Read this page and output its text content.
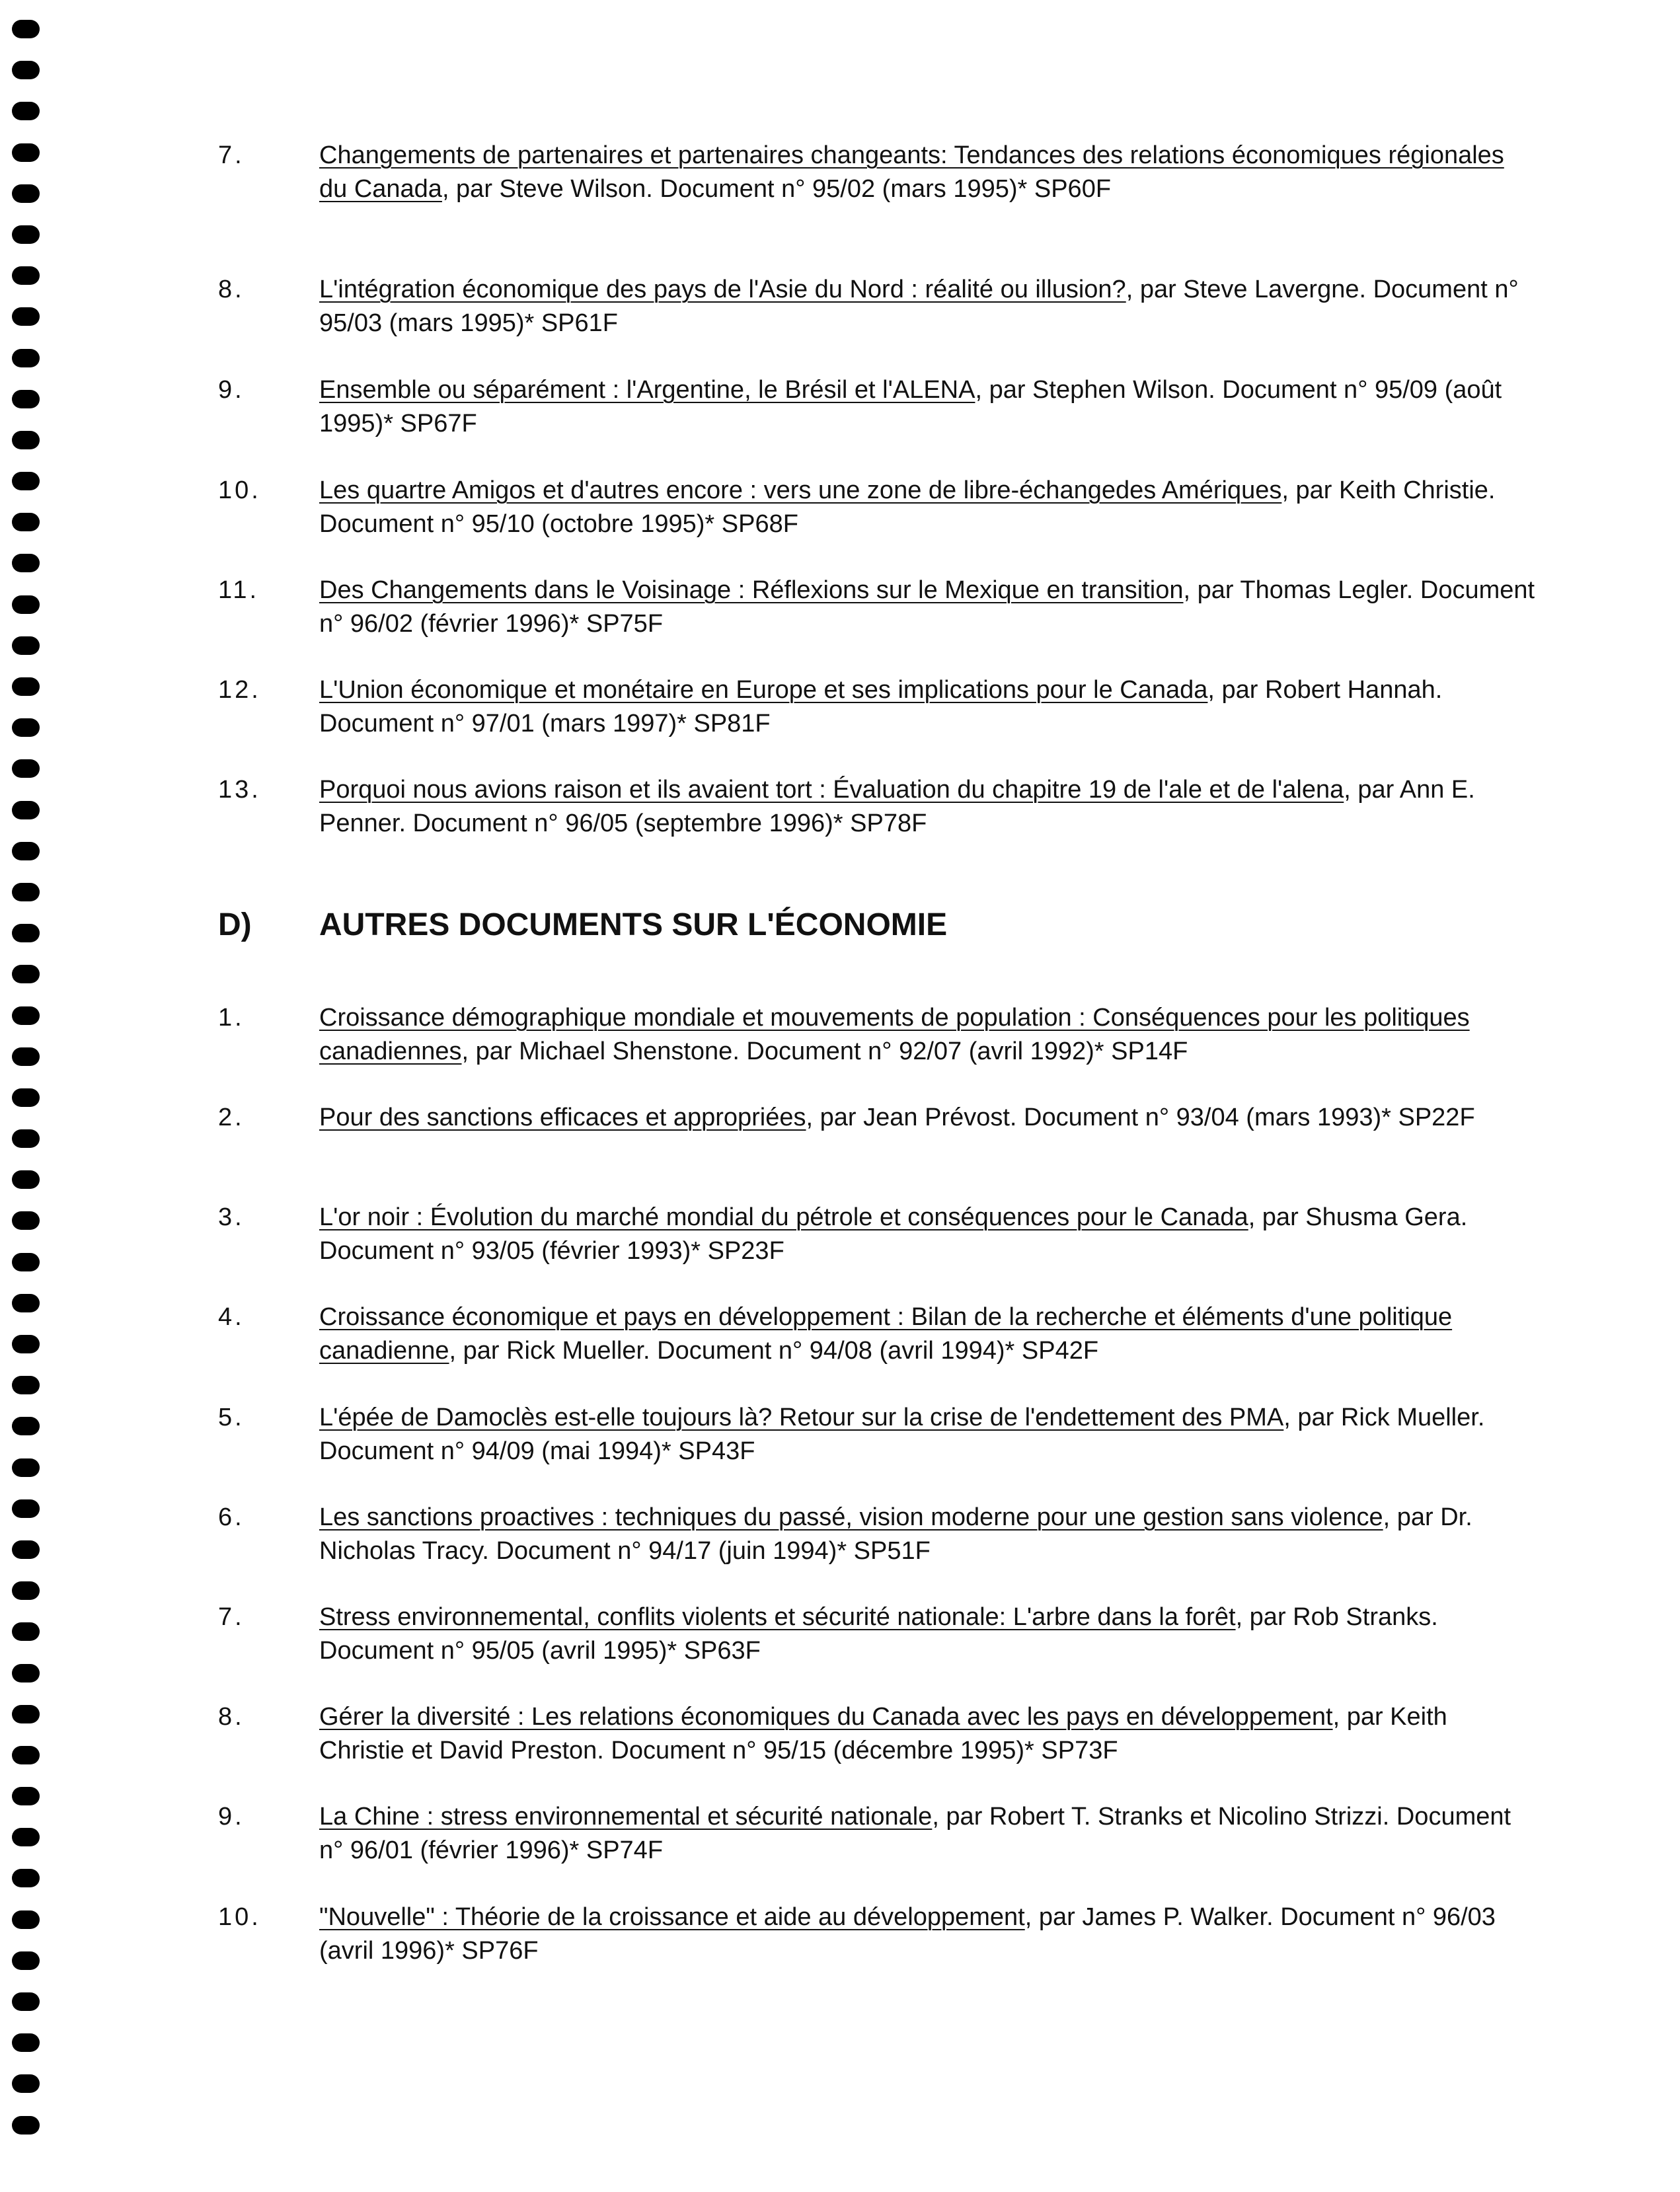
7.	Changements de partenaires et partenaires changeants: Tendances des relations économiques régionales du Canada, par Steve Wilson. Document n° 95/02 (mars 1995)* SP60F
8.	L'intégration économique des pays de l'Asie du Nord : réalité ou illusion?, par Steve Lavergne. Document n° 95/03 (mars 1995)* SP61F
9.	Ensemble ou séparément : l'Argentine, le Brésil et l'ALENA, par Stephen Wilson. Document n° 95/09 (août 1995)* SP67F
10. Les quartre Amigos et d'autres encore : vers une zone de libre-échangedes Amériques, par Keith Christie. Document n° 95/10 (octobre 1995)* SP68F
11. Des Changements dans le Voisinage : Réflexions sur le Mexique en transition, par Thomas Legler. Document n° 96/02 (février 1996)* SP75F
12. L'Union économique et monétaire en Europe et ses implications pour le Canada, par Robert Hannah. Document n° 97/01 (mars 1997)* SP81F
13. Porquoi nous avions raison et ils avaient tort : Évaluation du chapitre 19 de l'ale et de l'alena, par Ann E. Penner. Document n° 96/05 (septembre 1996)* SP78F
D) AUTRES DOCUMENTS SUR L'ÉCONOMIE
1.	Croissance démographique mondiale et mouvements de population : Conséquences pour les politiques canadiennes, par Michael Shenstone. Document n° 92/07 (avril 1992)* SP14F
2.	Pour des sanctions efficaces et appropriées, par Jean Prévost. Document n° 93/04 (mars 1993)* SP22F
3.	L'or noir : Évolution du marché mondial du pétrole et conséquences pour le Canada, par Shusma Gera. Document n° 93/05 (février 1993)* SP23F
4.	Croissance économique et pays en développement : Bilan de la recherche et éléments d'une politique canadienne, par Rick Mueller. Document n° 94/08 (avril 1994)* SP42F
5.	L'épée de Damoclès est-elle toujours là? Retour sur la crise de l'endettement des PMA, par Rick Mueller. Document n° 94/09 (mai 1994)* SP43F
6.	Les sanctions proactives : techniques du passé, vision moderne pour une gestion sans violence, par Dr. Nicholas Tracy. Document n° 94/17 (juin 1994)* SP51F
7.	Stress environnemental, conflits violents et sécurité nationale: L'arbre dans la forêt, par Rob Stranks. Document n° 95/05 (avril 1995)* SP63F
8.	Gérer la diversité : Les relations économiques du Canada avec les pays en développement, par Keith Christie et David Preston. Document n° 95/15 (décembre 1995)* SP73F
9.	La Chine : stress environnemental et sécurité nationale, par Robert T. Stranks et Nicolino Strizzi. Document n° 96/01 (février 1996)* SP74F
10. "Nouvelle" : Théorie de la croissance et aide au développement, par James P. Walker. Document n° 96/03 (avril 1996)* SP76F
